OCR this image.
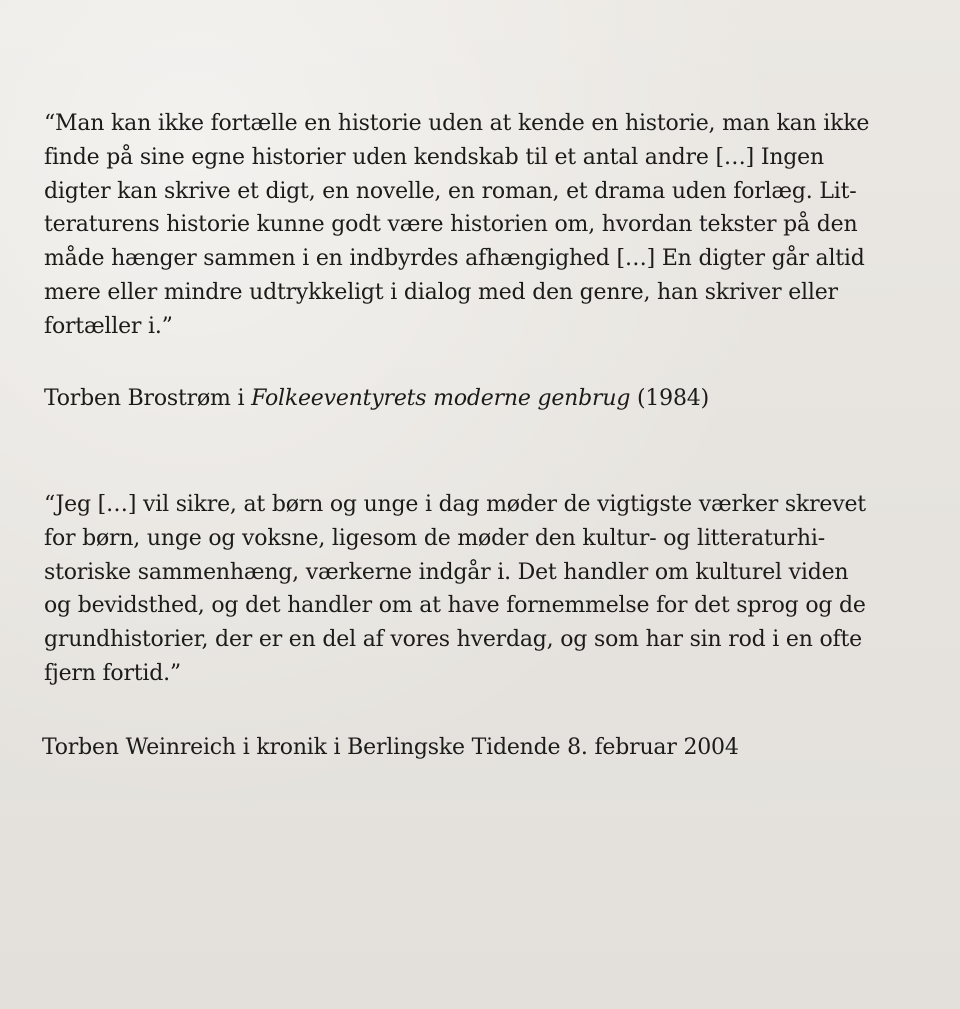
“Man kan ikke fortælle en historie uden at kende en historie, man kan ikke
finde på sine egne historier uden kendskab til et antal andre […] Ingen
digter kan skrive et digt, en novelle, en roman, et drama uden forlæg. Lit-
teraturens historie kunne godt være historien om, hvordan tekster på den
måde hænger sammen i en indbyrdes afhængighed […] En digter går altid
mere eller mindre udtrykkeligt i dialog med den genre, han skriver eller
fortæller i.”

Torben Brostrøm i Folkeeventyrets moderne genbrug (1984)

“Jeg […] vil sikre, at børn og unge i dag møder de vigtigste værker skrevet
for børn, unge og voksne, ligesom de møder den kultur- og litteraturhi-
storiske sammenhæng, værkerne indgår i. Det handler om kulturel viden
og bevidsthed, og det handler om at have fornemmelse for det sprog og de
grundhistorier, der er en del af vores hverdag, og som har sin rod i en ofte
fjern fortid.”

Torben Weinreich i kronik i Berlingske Tidende 8. februar 2004
